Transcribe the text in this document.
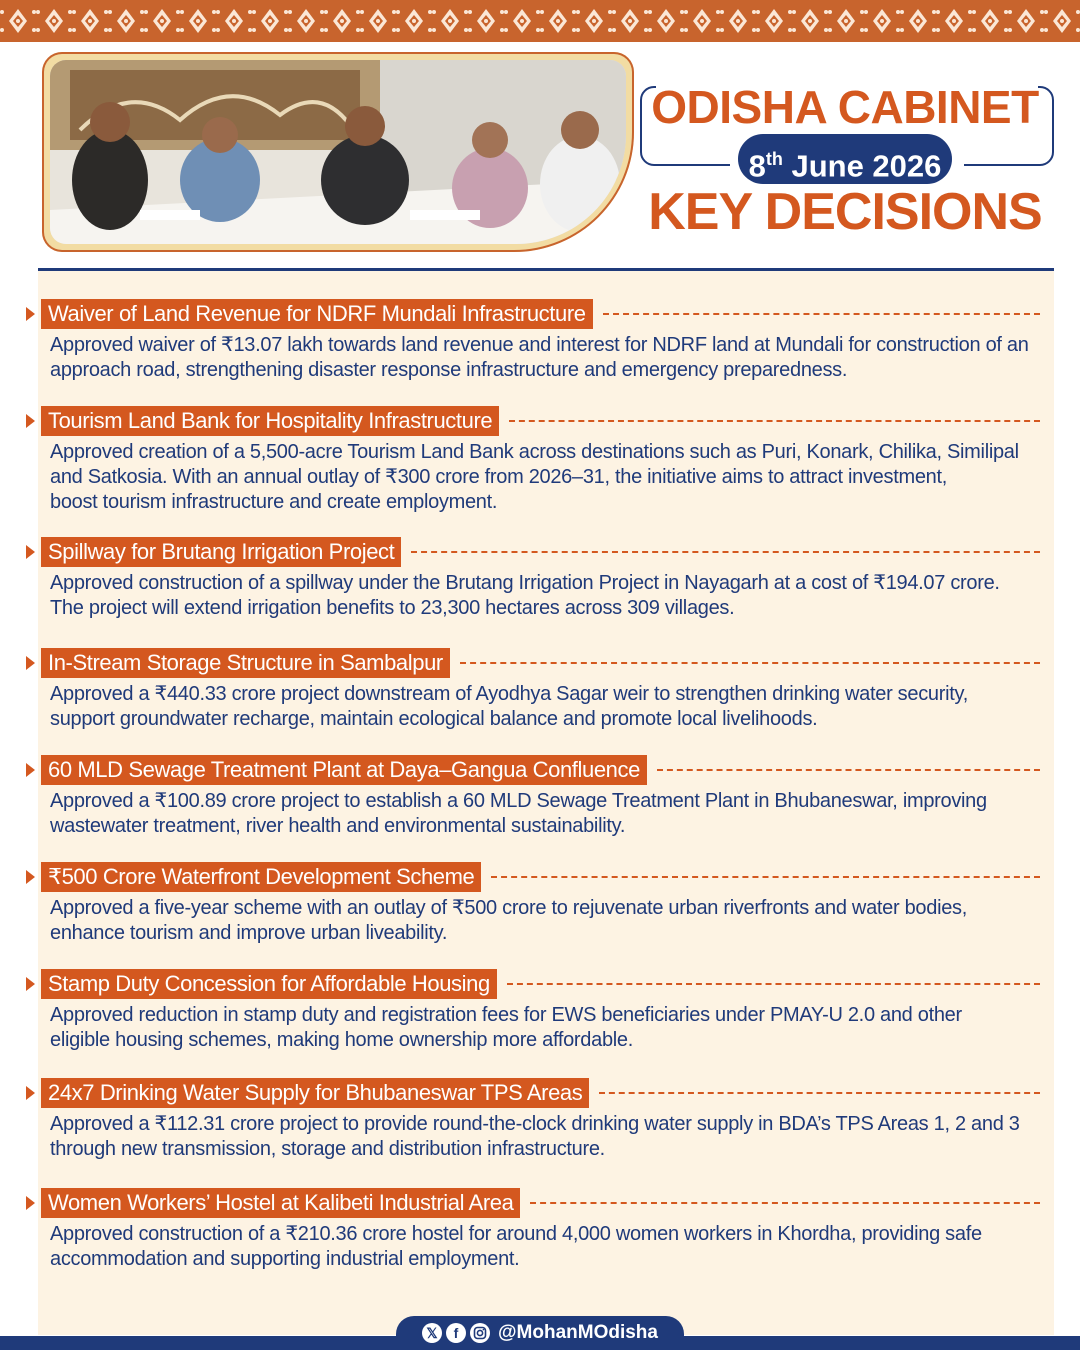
ODISHA CABINET
8th June 2026
KEY DECISIONS
Waiver of Land Revenue for NDRF Mundali Infrastructure
Approved waiver of ₹13.07 lakh towards land revenue and interest for NDRF land at Mundali for construction of an
approach road, strengthening disaster response infrastructure and emergency preparedness.
Tourism Land Bank for Hospitality Infrastructure
Approved creation of a 5,500-acre Tourism Land Bank across destinations such as Puri, Konark, Chilika, Similipal
and Satkosia. With an annual outlay of ₹300 crore from 2026–31, the initiative aims to attract investment,
boost tourism infrastructure and create employment.
Spillway for Brutang Irrigation Project
Approved construction of a spillway under the Brutang Irrigation Project in Nayagarh at a cost of ₹194.07 crore.
The project will extend irrigation benefits to 23,300 hectares across 309 villages.
In-Stream Storage Structure in Sambalpur
Approved a ₹440.33 crore project downstream of Ayodhya Sagar weir to strengthen drinking water security,
support groundwater recharge, maintain ecological balance and promote local livelihoods.
60 MLD Sewage Treatment Plant at Daya–Gangua Confluence
Approved a ₹100.89 crore project to establish a 60 MLD Sewage Treatment Plant in Bhubaneswar, improving
wastewater treatment, river health and environmental sustainability.
₹500 Crore Waterfront Development Scheme
Approved a five-year scheme with an outlay of ₹500 crore to rejuvenate urban riverfronts and water bodies,
enhance tourism and improve urban liveability.
Stamp Duty Concession for Affordable Housing
Approved reduction in stamp duty and registration fees for EWS beneficiaries under PMAY-U 2.0 and other
eligible housing schemes, making home ownership more affordable.
24x7 Drinking Water Supply for Bhubaneswar TPS Areas
Approved a ₹112.31 crore project to provide round-the-clock drinking water supply in BDA’s TPS Areas 1, 2 and 3
through new transmission, storage and distribution infrastructure.
Women Workers’ Hostel at Kalibeti Industrial Area
Approved construction of a ₹210.36 crore hostel for around 4,000 women workers in Khordha, providing safe
accommodation and supporting industrial employment.
𝕏	f	@MohanMOdisha
